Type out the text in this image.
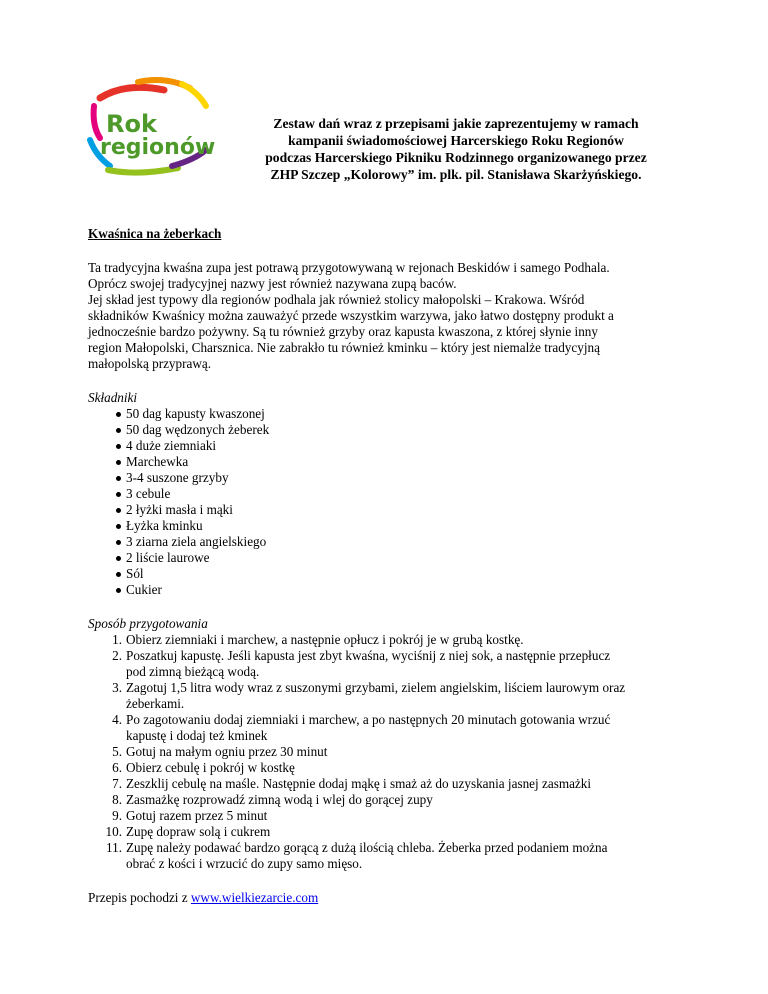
Rok
regionów
Zestaw dań wraz z przepisami jakie zaprezentujemy w ramach
kampanii świadomościowej Harcerskiego Roku Regionów
podczas Harcerskiego Pikniku Rodzinnego organizowanego przez
ZHP Szczep „Kolorowy” im. plk. pil. Stanisława Skarżyńskiego.

Kwaśnica na żeberkach

Ta tradycyjna kwaśna zupa jest potrawą przygotowywaną w rejonach Beskidów i samego Podhala.
Oprócz swojej tradycyjnej nazwy jest również nazywana zupą baców.
Jej skład jest typowy dla regionów podhala jak również stolicy małopolski – Krakowa. Wśród
składników Kwaśnicy można zauważyć przede wszystkim warzywa, jako łatwo dostępny produkt a
jednocześnie bardzo pożywny. Są tu również grzyby oraz kapusta kwaszona, z której słynie inny
region Małopolski, Charsznica. Nie zabrakło tu również kminku – który jest niemalże tradycyjną
małopolską przyprawą.

Składniki

50 dag kapusty kwaszonej
50 dag wędzonych żeberek
4 duże ziemniaki
Marchewka
3-4 suszone grzyby
3 cebule
2 łyżki masła i mąki
Łyżka kminku
3 ziarna ziela angielskiego
2 liście laurowe
Sól
Cukier

Sposób przygotowania

1. Obierz ziemniaki i marchew, a następnie opłucz i pokrój je w grubą kostkę.
2. Poszatkuj kapustę. Jeśli kapusta jest zbyt kwaśna, wyciśnij z niej sok, a następnie przepłucz
pod zimną bieżącą wodą.
3. Zagotuj 1,5 litra wody wraz z suszonymi grzybami, zielem angielskim, liściem laurowym oraz
żeberkami.
4. Po zagotowaniu dodaj ziemniaki i marchew, a po następnych 20 minutach gotowania wrzuć
kapustę i dodaj też kminek
5. Gotuj na małym ogniu przez 30 minut
6. Obierz cebulę i pokrój w kostkę
7. Zeszklij cebulę na maśle. Następnie dodaj mąkę i smaż aż do uzyskania jasnej zasmażki
8. Zasmażkę rozprowadź zimną wodą i wlej do gorącej zupy
9. Gotuj razem przez 5 minut
10. Zupę dopraw solą i cukrem
11. Zupę należy podawać bardzo gorącą z dużą ilością chleba. Żeberka przed podaniem można
obrać z kości i wrzucić do zupy samo mięso.

Przepis pochodzi z www.wielkiezarcie.com
